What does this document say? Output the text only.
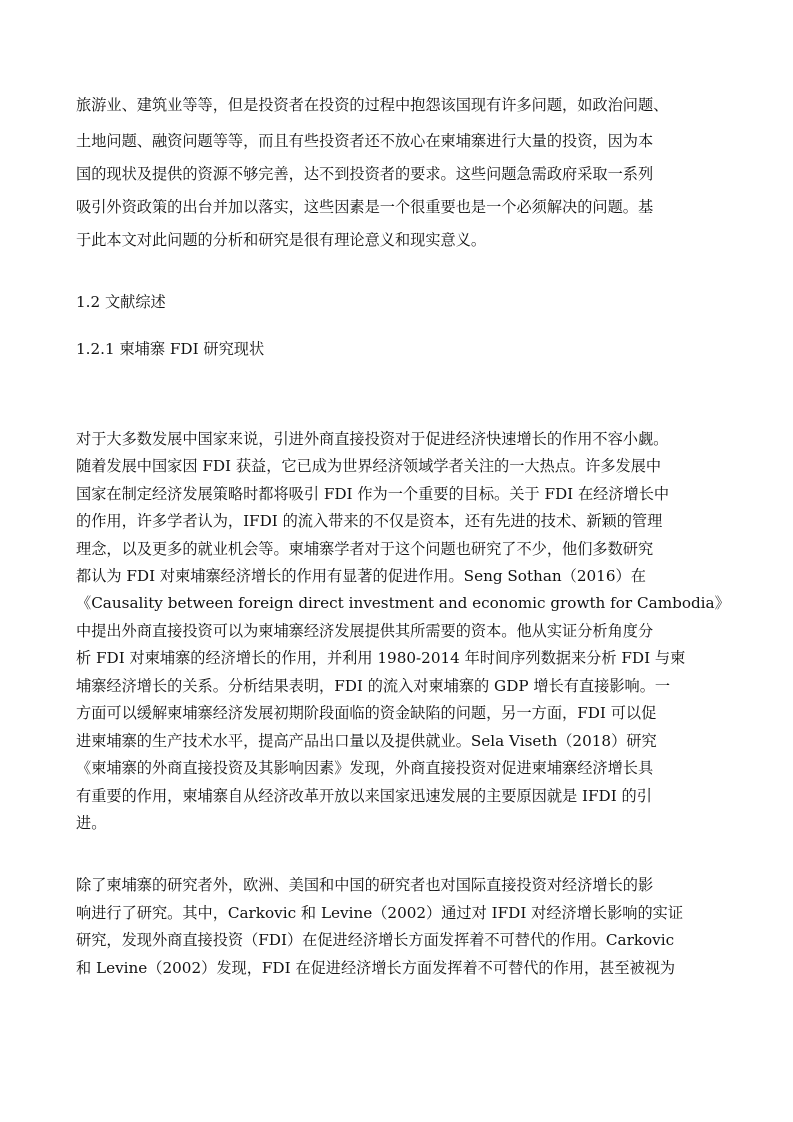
旅游业、建筑业等等，但是投资者在投资的过程中抱怨该国现有许多问题，如政治问题、
土地问题、融资问题等等，而且有些投资者还不放心在柬埔寨进行大量的投资，因为本
国的现状及提供的资源不够完善，达不到投资者的要求。这些问题急需政府采取一系列
吸引外资政策的出台并加以落实，这些因素是一个很重要也是一个必须解决的问题。基
于此本文对此问题的分析和研究是很有理论意义和现实意义。
1.2 文献综述
1.2.1 柬埔寨 FDI 研究现状
对于大多数发展中国家来说，引进外商直接投资对于促进经济快速增长的作用不容小觑。
随着发展中国家因 FDI 获益，它已成为世界经济领域学者关注的一大热点。许多发展中
国家在制定经济发展策略时都将吸引 FDI 作为一个重要的目标。关于 FDI 在经济增长中
的作用，许多学者认为，IFDI 的流入带来的不仅是资本，还有先进的技术、新颖的管理
理念，以及更多的就业机会等。柬埔寨学者对于这个问题也研究了不少，他们多数研究
都认为 FDI 对柬埔寨经济增长的作用有显著的促进作用。Seng Sothan（2016）在
《Causality between foreign direct investment and economic growth for Cambodia》
中提出外商直接投资可以为柬埔寨经济发展提供其所需要的资本。他从实证分析角度分
析 FDI 对柬埔寨的经济增长的作用，并利用 1980-2014 年时间序列数据来分析 FDI 与柬
埔寨经济增长的关系。分析结果表明，FDI 的流入对柬埔寨的 GDP 增长有直接影响。一
方面可以缓解柬埔寨经济发展初期阶段面临的资金缺陷的问题，另一方面，FDI 可以促
进柬埔寨的生产技术水平，提高产品出口量以及提供就业。Sela Viseth（2018）研究
《柬埔寨的外商直接投资及其影响因素》发现，外商直接投资对促进柬埔寨经济增长具
有重要的作用，柬埔寨自从经济改革开放以来国家迅速发展的主要原因就是 IFDI 的引
进。
除了柬埔寨的研究者外，欧洲、美国和中国的研究者也对国际直接投资对经济增长的影
响进行了研究。其中，Carkovic 和 Levine（2002）通过对 IFDI 对经济增长影响的实证
研究，发现外商直接投资（FDI）在促进经济增长方面发挥着不可替代的作用。Carkovic
和 Levine（2002）发现，FDI 在促进经济增长方面发挥着不可替代的作用，甚至被视为
